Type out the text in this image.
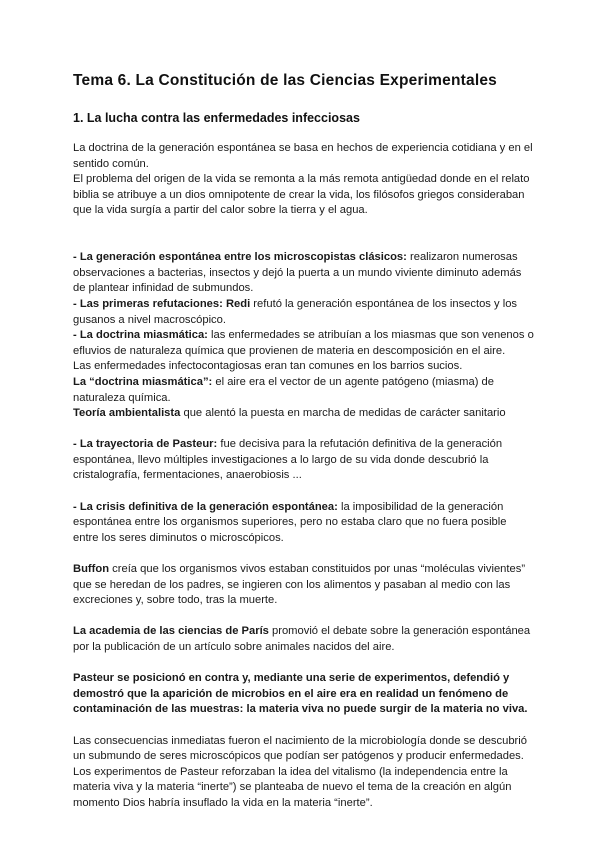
Tema 6. La Constitución de las Ciencias Experimentales
1. La lucha contra las enfermedades infecciosas

La doctrina de la generación espontánea se basa en hechos de experiencia cotidiana y en el sentido común.

El problema del origen de la vida se remonta a la más remota antigüedad donde en el relato biblia se atribuye a un dios omnipotente de crear la vida, los filósofos griegos consideraban que la vida surgía a partir del calor sobre la tierra y el agua.

- La generación espontánea entre los microscopistas clásicos: realizaron numerosas observaciones a bacterias, insectos y dejó la puerta a un mundo viviente diminuto además de plantear infinidad de submundos.

- Las primeras refutaciones: Redi refutó la generación espontánea de los insectos y los gusanos a nivel macroscópico.

- La doctrina miasmática: las enfermedades se atribuían a los miasmas que son venenos o efluvios de naturaleza química que provienen de materia en descomposición en el aire.

Las enfermedades infectocontagiosas eran tan comunes en los barrios sucios.

La “doctrina miasmática”: el aire era el vector de un agente patógeno (miasma) de naturaleza química.

Teoría ambientalista que alentó la puesta en marcha de medidas de carácter sanitario

- La trayectoria de Pasteur: fue decisiva para la refutación definitiva de la generación espontánea, llevo múltiples investigaciones a lo largo de su vida donde descubrió la cristalografía, fermentaciones, anaerobiosis ...

- La crisis definitiva de la generación espontánea: la imposibilidad de la generación espontánea entre los organismos superiores, pero no estaba claro que no fuera posible entre los seres diminutos o microscópicos.

Buffon creía que los organismos vivos estaban constituidos por unas “moléculas vivientes” que se heredan de los padres, se ingieren con los alimentos y pasaban al medio con las excreciones y, sobre todo, tras la muerte.

La academia de las ciencias de París promovió el debate sobre la generación espontánea por la publicación de un artículo sobre animales nacidos del aire.

Pasteur se posicionó en contra y, mediante una serie de experimentos, defendió y demostró que la aparición de microbios en el aire era en realidad un fenómeno de contaminación de las muestras: la materia viva no puede surgir de la materia no viva.

Las consecuencias inmediatas fueron el nacimiento de la microbiología donde se descubrió un submundo de seres microscópicos que podían ser patógenos y producir enfermedades. Los experimentos de Pasteur reforzaban la idea del vitalismo (la independencia entre la materia viva y la materia “inerte”) se planteaba de nuevo el tema de la creación en algún momento Dios habría insuflado la vida en la materia “inerte”.
